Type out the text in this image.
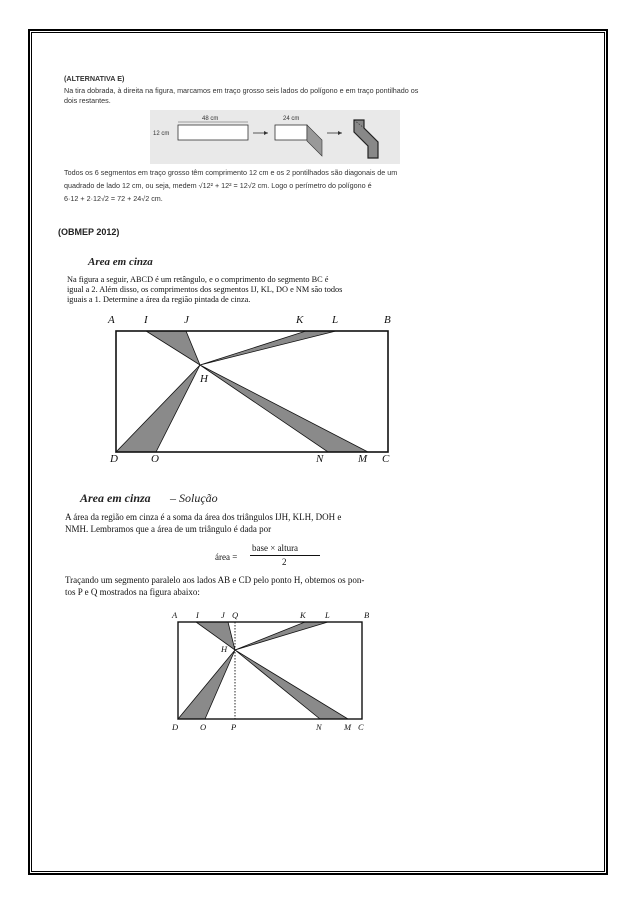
(ALTERNATIVA E)
Na tira dobrada, à direita na figura, marcamos em traço grosso seis lados do polígono e em traço pontilhado os
dois restantes.
48 cm
12 cm
24 cm
Todos os 6 segmentos em traço grosso têm comprimento 12 cm e os 2 pontilhados são diagonais de um
quadrado de lado 12 cm, ou seja, medem √12² + 12² = 12√2 cm. Logo o perímetro do polígono é
6·12 + 2·12√2 = 72 + 24√2 cm.
(OBMEP 2012)
Area em cinza
Na figura a seguir, ABCD é um retângulo, e o comprimento do segmento BC é
igual a 2. Além disso, os comprimentos dos segmentos IJ, KL, DO e NM são todos
iguais a 1. Determine a área da região pintada de cinza.
A	I	J	K	L	B
H
D	O	N	M C
Area em cinza – Solução
A área da região em cinza é a soma da área dos triângulos IJH, KLH, DOH e
NMH. Lembramos que a área de um triângulo é dada por
área =
base × altura
2
Traçando um segmento paralelo aos lados AB e CD pelo ponto H, obtemos os pon-
tos P e Q mostrados na figura abaixo:
A I	J Q	K L	B
H
D	O	P	N	M C
